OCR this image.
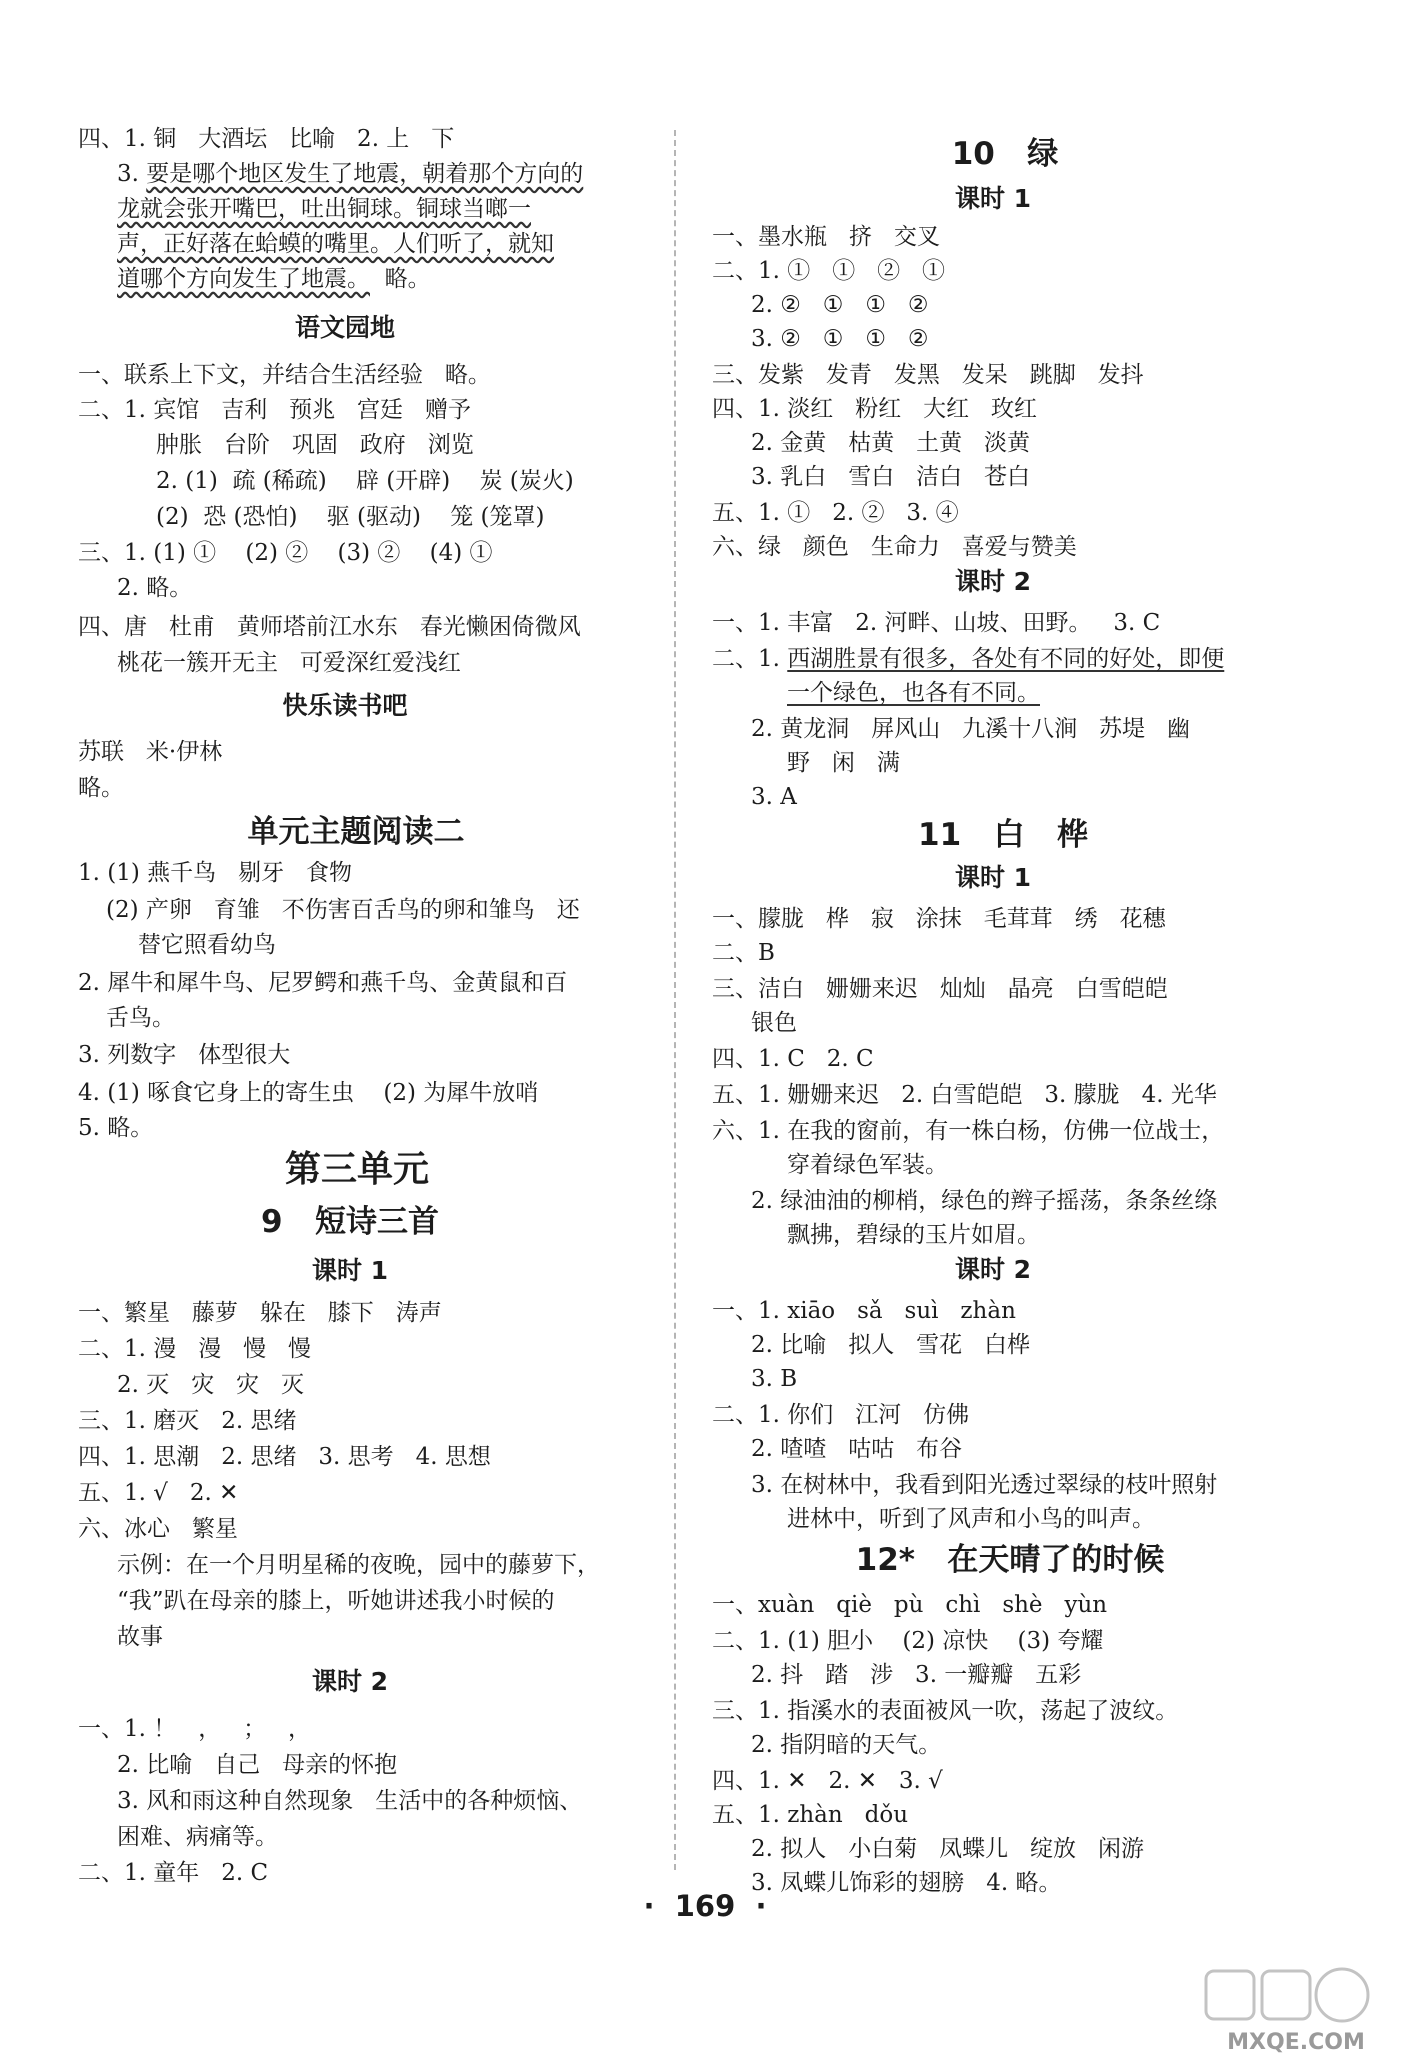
四、1. 铜   大酒坛   比喻   2. 上   下
3. 要是哪个地区发生了地震，朝着那个方向的
龙就会张开嘴巴，吐出铜球。铜球当啷一
声，正好落在蛤蟆的嘴里。人们听了，就知
道哪个方向发生了地震。  略。
语文园地
一、联系上下文，并结合生活经验   略。
二、1. 宾馆   吉利   预兆   宫廷   赠予
肿胀   台阶   巩固   政府   浏览
2. (1)  疏 (稀疏)    辟 (开辟)    炭 (炭火)
(2)  恐 (恐怕)    驱 (驱动)    笼 (笼罩)
三、1. (1) ①    (2) ②    (3) ②    (4) ①
2. 略。
四、唐   杜甫   黄师塔前江水东   春光懒困倚微风
桃花一簇开无主   可爱深红爱浅红
快乐读书吧
苏联   米·伊林
略。
单元主题阅读二
1. (1) 燕千鸟   剔牙   食物
(2) 产卵   育雏   不伤害百舌鸟的卵和雏鸟   还
替它照看幼鸟
2. 犀牛和犀牛鸟、尼罗鳄和燕千鸟、金黄鼠和百
舌鸟。
3. 列数字   体型很大
4. (1) 啄食它身上的寄生虫    (2) 为犀牛放哨
5. 略。
第三单元
9   短诗三首
课时 1
一、繁星   藤萝   躲在   膝下   涛声
二、1. 漫   漫   慢   慢
2. 灭   灾   灾   灭
三、1. 磨灭   2. 思绪
四、1. 思潮   2. 思绪   3. 思考   4. 思想
五、1. √   2. ✕
六、冰心   繁星
示例：在一个月明星稀的夜晚，园中的藤萝下，
“我”趴在母亲的膝上，听她讲述我小时候的
故事
课时 2
一、1. ！   ，   ；   ，
2. 比喻   自己   母亲的怀抱
3. 风和雨这种自然现象   生活中的各种烦恼、
困难、病痛等。
二、1. 童年   2. C
10   绿
课时 1
一、墨水瓶   挤   交叉
二、1. ①   ①   ②   ①
2. ②   ①   ①   ②
3. ②   ①   ①   ②
三、发紫   发青   发黑   发呆   跳脚   发抖
四、1. 淡红   粉红   大红   玫红
2. 金黄   枯黄   土黄   淡黄
3. 乳白   雪白   洁白   苍白
五、1. ①   2. ②   3. ④
六、绿   颜色   生命力   喜爱与赞美
课时 2
一、1. 丰富   2. 河畔、山坡、田野。   3. C
二、1. 西湖胜景有很多，各处有不同的好处，即便
一个绿色，也各有不同。
2. 黄龙洞   屏风山   九溪十八涧   苏堤   幽
野   闲   满
3. A
11   白   桦
课时 1
一、朦胧   桦   寂   涂抹   毛茸茸   绣   花穗
二、B
三、洁白   姗姗来迟   灿灿   晶亮   白雪皑皑
银色
四、1. C   2. C
五、1. 姗姗来迟   2. 白雪皑皑   3. 朦胧   4. 光华
六、1. 在我的窗前，有一株白杨，仿佛一位战士，
穿着绿色军装。
2. 绿油油的柳梢，绿色的辫子摇荡，条条丝绦
飘拂，碧绿的玉片如眉。
课时 2
一、1. xiāo   sǎ   suì   zhàn
2. 比喻   拟人   雪花   白桦
3. B
二、1. 你们   江河   仿佛
2. 喳喳   咕咕   布谷
3. 在树林中，我看到阳光透过翠绿的枝叶照射
进林中，听到了风声和小鸟的叫声。
12*   在天晴了的时候
一、xuàn   qiè   pù   chì   shè   yùn
二、1. (1) 胆小    (2) 凉快    (3) 夸耀
2. 抖   踏   涉   3. 一瓣瓣   五彩
三、1. 指溪水的表面被风一吹，荡起了波纹。
2. 指阴暗的天气。
四、1. ✕   2. ✕   3. √
五、1. zhàn   dǒu
2. 拟人   小白菊   凤蝶儿   绽放   闲游
3. 凤蝶儿饰彩的翅膀   4. 略。
·  169  ·
MXQE.COM
